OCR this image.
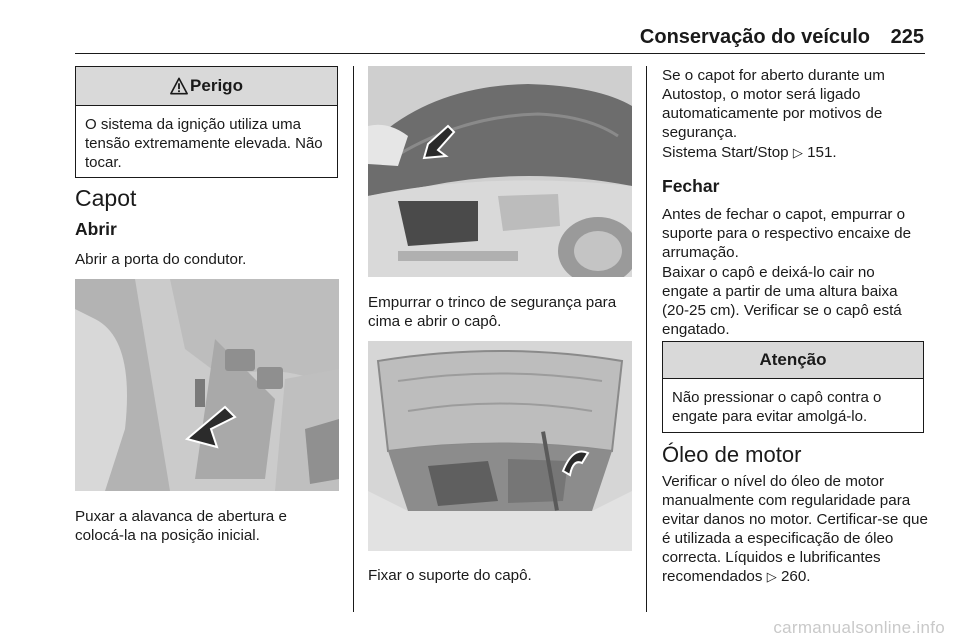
Conservação do veículo	225
Perigo
O sistema da ignição utiliza uma tensão extremamente elevada. Não tocar.
Capot
Abrir
Abrir a porta do condutor.
Puxar a alavanca de abertura e colocá-la na posição inicial.
Empurrar o trinco de segurança para cima e abrir o capô.
Fixar o suporte do capô.
Se o capot for aberto durante um Autostop, o motor será ligado automaticamente por motivos de segurança.
Sistema Start/Stop ▷ 151.
Fechar
Antes de fechar o capot, empurrar o suporte para o respectivo encaixe de arrumação.
Baixar o capô e deixá-lo cair no engate a partir de uma altura baixa (20-25 cm). Verificar se o capô está engatado.
Atenção
Não pressionar o capô contra o engate para evitar amolgá-lo.
Óleo de motor
Verificar o nível do óleo de motor manualmente com regularidade para evitar danos no motor. Certificar-se que é utilizada a especificação de óleo correcta. Líquidos e lubrificantes recomendados ▷ 260.
carmanualsonline.info
